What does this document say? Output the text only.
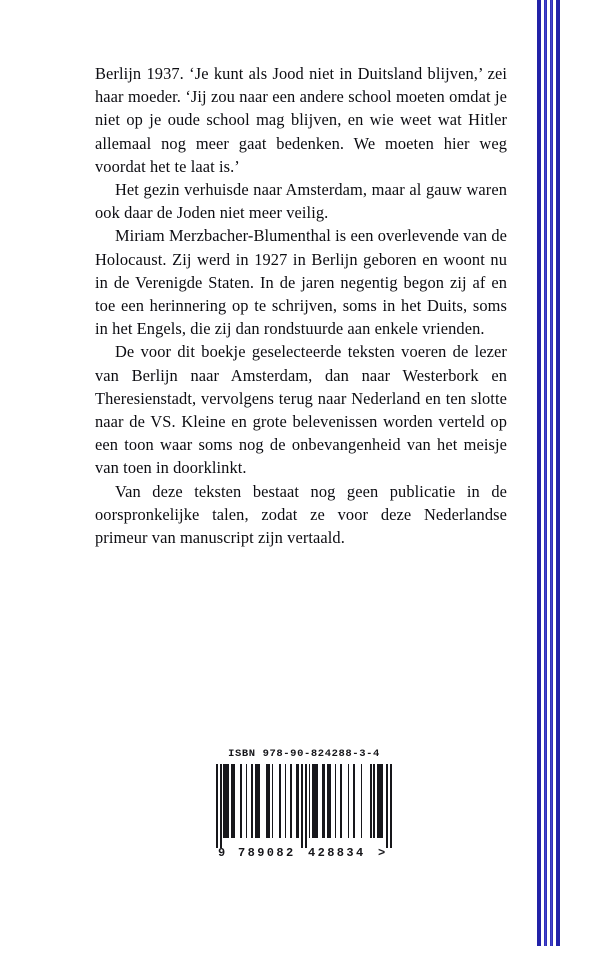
Berlijn 1937. ‘Je kunt als Jood niet in Duitsland blijven,’ zei haar moeder. ‘Jij zou naar een andere school moeten omdat je niet op je oude school mag blijven, en wie weet wat Hitler allemaal nog meer gaat bedenken. We moeten hier weg voordat het te laat is.’

Het gezin verhuisde naar Amsterdam, maar al gauw waren ook daar de Joden niet meer veilig.

Miriam Merzbacher-Blumenthal is een overlevende van de Holocaust. Zij werd in 1927 in Berlijn geboren en woont nu in de Verenigde Staten. In de jaren negentig begon zij af en toe een herinnering op te schrijven, soms in het Duits, soms in het Engels, die zij dan rondstuurde aan enkele vrienden.

De voor dit boekje geselecteerde teksten voeren de lezer van Berlijn naar Amsterdam, dan naar Westerbork en Theresienstadt, vervolgens terug naar Nederland en ten slotte naar de VS. Kleine en grote belevenissen worden verteld op een toon waar soms nog de onbevangenheid van het meisje van toen in doorklinkt.

Van deze teksten bestaat nog geen publicatie in de oorspronkelijke talen, zodat ze voor deze Nederlandse primeur van manuscript zijn vertaald.

ISBN 978-90-824288-3-4
9 789082 428834 >
